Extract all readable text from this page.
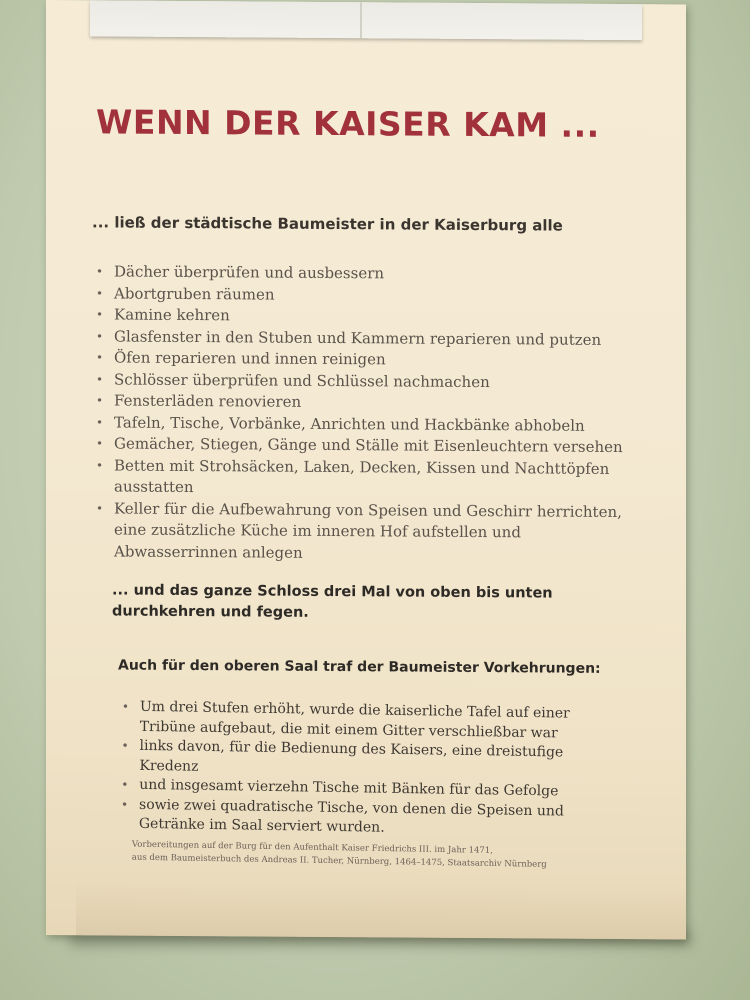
WENN DER KAISER KAM ...
... ließ der städtische Baumeister in der Kaiserburg alle
• Dächer überprüfen und ausbessern
• Abortgruben räumen
• Kamine kehren
• Glasfenster in den Stuben und Kammern reparieren und putzen
• Öfen reparieren und innen reinigen
• Schlösser überprüfen und Schlüssel nachmachen
• Fensterläden renovieren
• Tafeln, Tische, Vorbänke, Anrichten und Hackbänke abhobeln
• Gemächer, Stiegen, Gänge und Ställe mit Eisenleuchtern versehen
• Betten mit Strohsäcken, Laken, Decken, Kissen und Nachttöpfen ausstatten
• Keller für die Aufbewahrung von Speisen und Geschirr herrichten, eine zusätzliche Küche im inneren Hof aufstellen und Abwasserrinnen anlegen
... und das ganze Schloss drei Mal von oben bis unten durchkehren und fegen.
Auch für den oberen Saal traf der Baumeister Vorkehrungen:
• Um drei Stufen erhöht, wurde die kaiserliche Tafel auf einer Tribüne aufgebaut, die mit einem Gitter verschließbar war
• links davon, für die Bedienung des Kaisers, eine dreistufige Kredenz
• und insgesamt vierzehn Tische mit Bänken für das Gefolge
• sowie zwei quadratische Tische, von denen die Speisen und Getränke im Saal serviert wurden.
Vorbereitungen auf der Burg für den Aufenthalt Kaiser Friedrichs III. im Jahr 1471,
aus dem Baumeisterbuch des Andreas II. Tucher, Nürnberg, 1464–1475, Staatsarchiv Nürnberg
